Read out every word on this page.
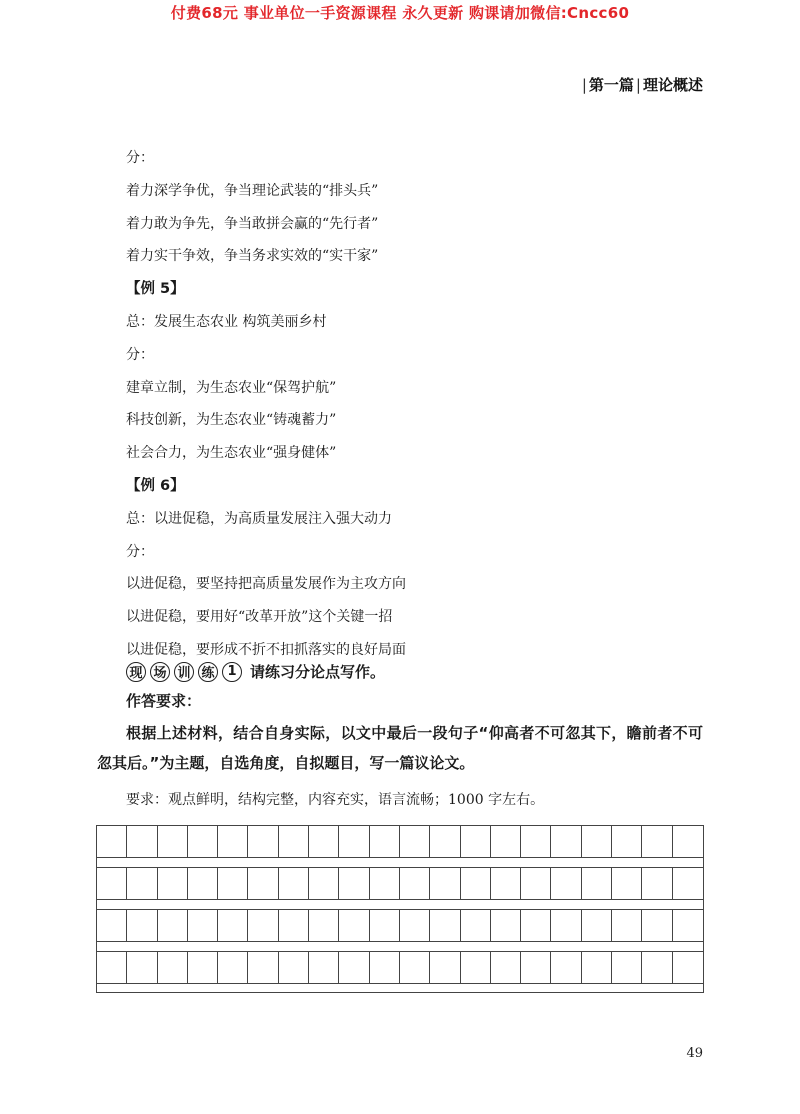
付费68元 事业单位一手资源课程 永久更新 购课请加微信:Cncc60
| 第一篇 | 理论概述
分：
着力深学争优，争当理论武装的“排头兵”
着力敢为争先，争当敢拼会赢的“先行者”
着力实干争效，争当务求实效的“实干家”
【例 5】
总：发展生态农业 构筑美丽乡村
分：
建章立制，为生态农业“保驾护航”
科技创新，为生态农业“铸魂蓄力”
社会合力，为生态农业“强身健体”
【例 6】
总：以进促稳，为高质量发展注入强大动力
分：
以进促稳，要坚持把高质量发展作为主攻方向
以进促稳，要用好“改革开放”这个关键一招
以进促稳，要形成不折不扣抓落实的良好局面
现 场 训 练 1 请练习分论点写作。
作答要求：
根据上述材料，结合自身实际，以文中最后一段句子“仰高者不可忽其下，瞻前者不可忽其后。”为主题，自选角度，自拟题目，写一篇议论文。
要求：观点鲜明，结构完整，内容充实，语言流畅；1000 字左右。
49
